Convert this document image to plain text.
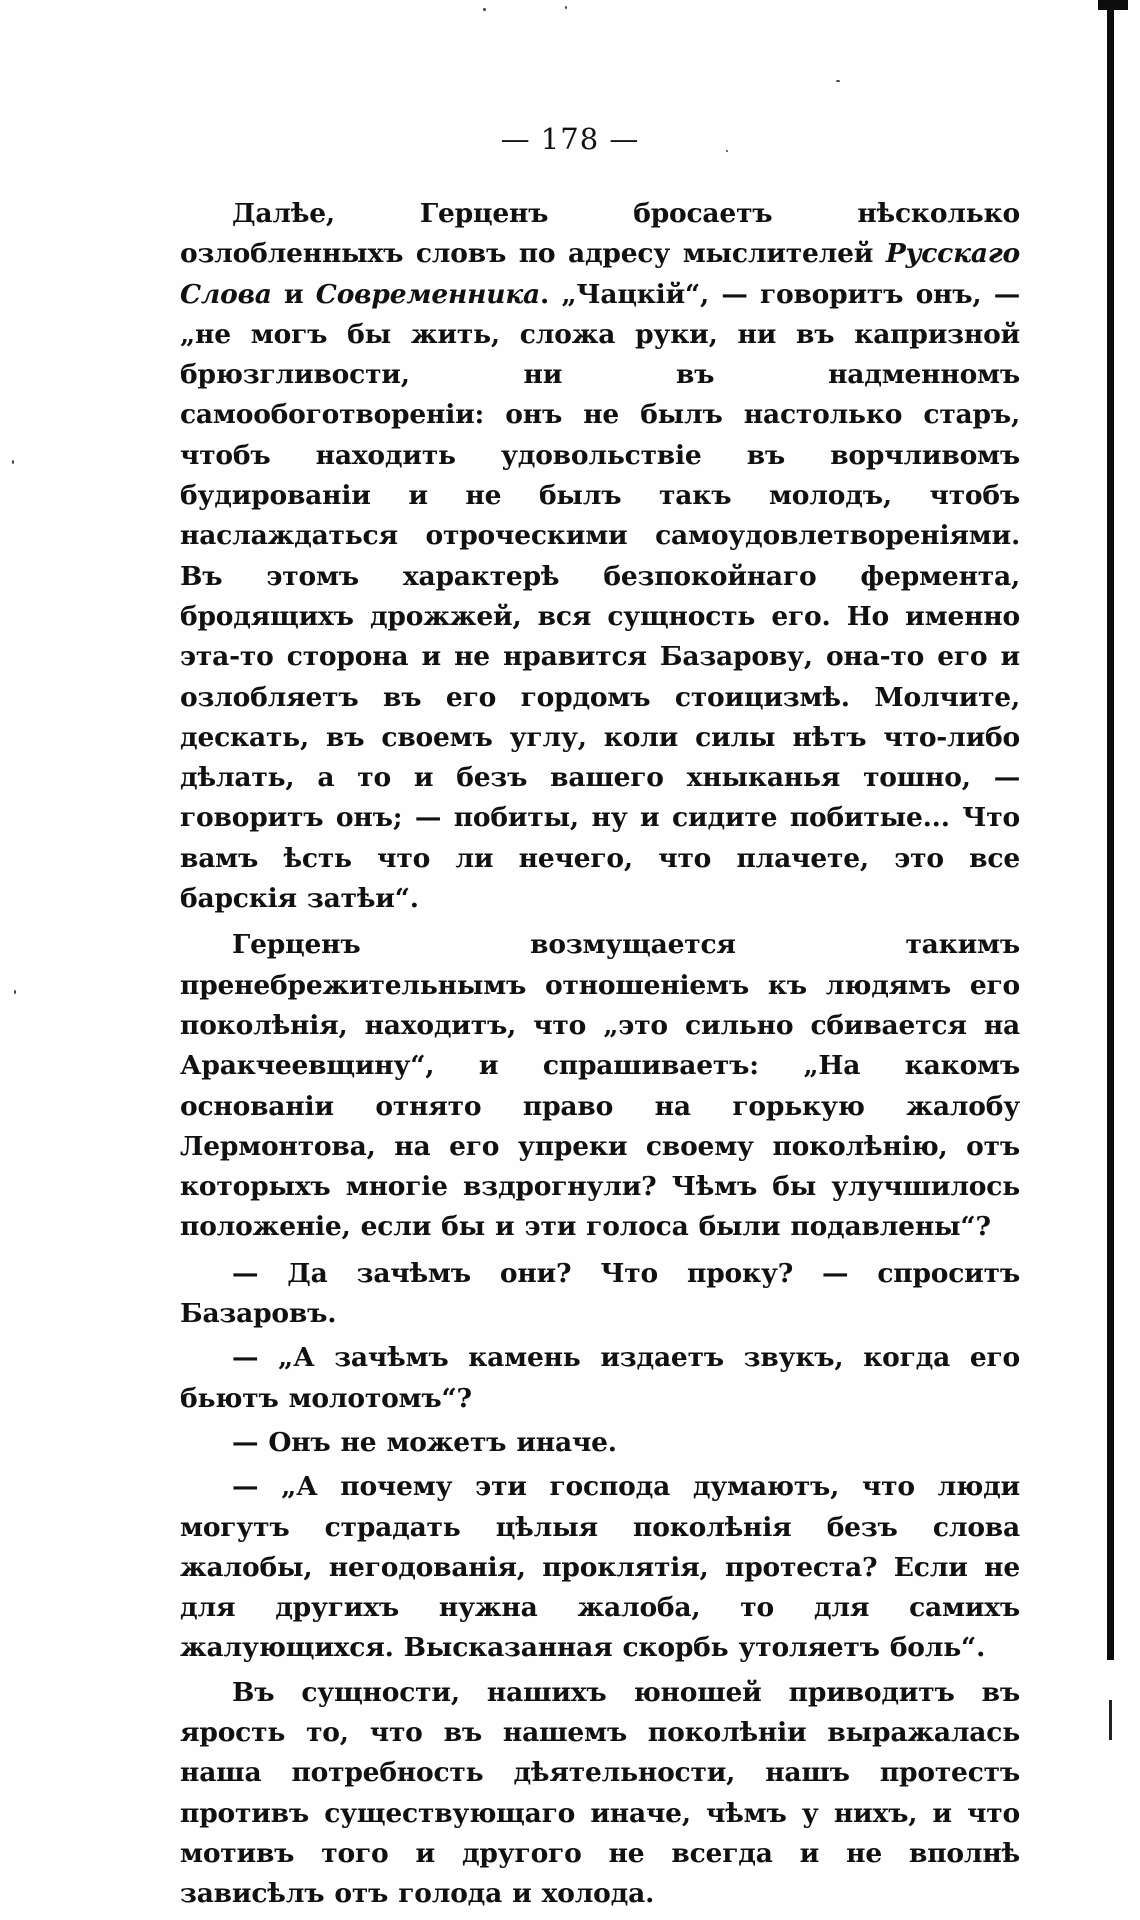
— 178 —

Далѣе, Герценъ бросаетъ нѣсколько озлобленныхъ словъ по адресу мыслителей Русскаго Слова и Современника. „Чацкій“, — говоритъ онъ, — „не могъ бы жить, сложа руки, ни въ капризной брюзгливости, ни въ надменномъ самообоготвореніи: онъ не былъ настолько старъ, чтобъ находить удовольствіе въ ворчливомъ будированіи и не былъ такъ молодъ, чтобъ наслаждаться отроческими самоудовлетвореніями. Въ этомъ характерѣ безпокойнаго фермента, бродящихъ дрожжей, вся сущность его. Но именно эта-то сторона и не нравится Базарову, она-то его и озлобляетъ въ его гордомъ стоицизмѣ. Молчите, дескать, въ своемъ углу, коли силы нѣтъ что-либо дѣлать, а то и безъ вашего хныканья тошно, — говоритъ онъ; — побиты, ну и сидите побитые... Что вамъ ѣсть что ли нечего, что плачете, это все барскія затѣи“.

Герценъ возмущается такимъ пренебрежительнымъ отношеніемъ къ людямъ его поколѣнія, находитъ, что „это сильно сбивается на Аракчеевщину“, и спрашиваетъ: „На какомъ основаніи отнято право на горькую жалобу Лермонтова, на его упреки своему поколѣнію, отъ которыхъ многіе вздрогнули? Чѣмъ бы улучшилось положеніе, если бы и эти голоса были подавлены“?

— Да зачѣмъ они? Что проку? — спроситъ Базаровъ.

— „А зачѣмъ камень издаетъ звукъ, когда его бьютъ молотомъ“?

— Онъ не можетъ иначе.

— „А почему эти господа думаютъ, что люди могутъ страдать цѣлыя поколѣнія безъ слова жалобы, негодованія, проклятія, протеста? Если не для другихъ нужна жалоба, то для самихъ жалующихся. Высказанная скорбь утоляетъ боль“.

Въ сущности, нашихъ юношей приводитъ въ ярость то, что въ нашемъ поколѣніи выражалась наша потребность дѣятельности, нашъ протестъ противъ существующаго иначе, чѣмъ у нихъ, и что мотивъ того и другого не всегда и не вполнѣ зависѣлъ отъ голода и холода.
